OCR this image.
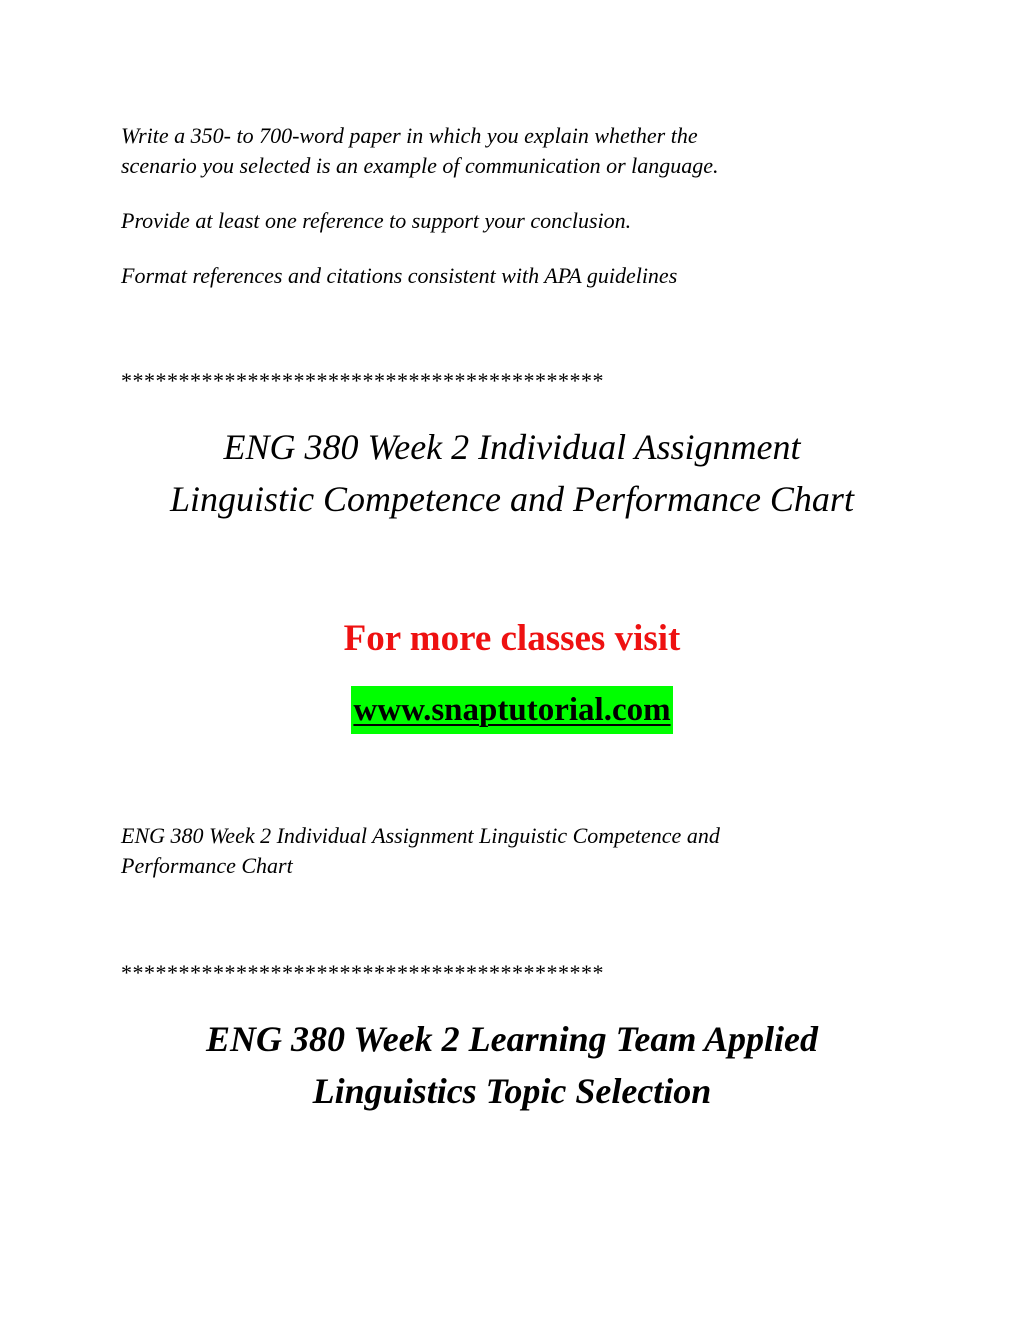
Write a 350- to 700-word paper in which you explain whether the
scenario you selected is an example of communication or language.
Provide at least one reference to support your conclusion.
Format references and citations consistent with APA guidelines
******************************************
ENG 380 Week 2 Individual Assignment
Linguistic Competence and Performance Chart
For more classes visit
www.snaptutorial.com
ENG 380 Week 2 Individual Assignment Linguistic Competence and
Performance Chart
******************************************
ENG 380 Week 2 Learning Team Applied
Linguistics Topic Selection
